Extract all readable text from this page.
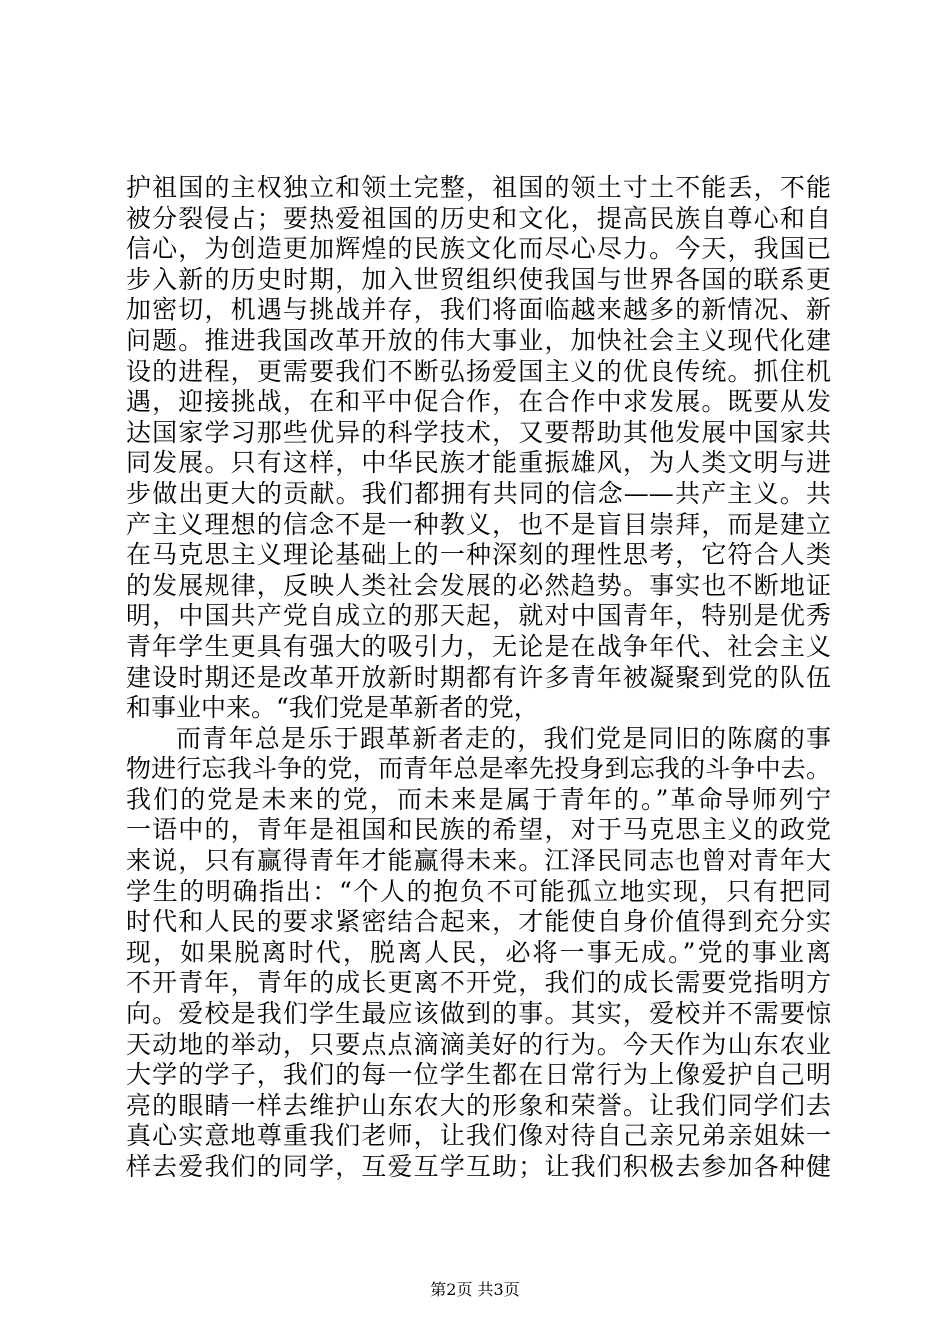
护祖国的主权独立和领土完整，祖国的领土寸土不能丢，不能
被分裂侵占；要热爱祖国的历史和文化，提高民族自尊心和自
信心，为创造更加辉煌的民族文化而尽心尽力。今天，我国已
步入新的历史时期，加入世贸组织使我国与世界各国的联系更
加密切，机遇与挑战并存，我们将面临越来越多的新情况、新
问题。推进我国改革开放的伟大事业，加快社会主义现代化建
设的进程，更需要我们不断弘扬爱国主义的优良传统。抓住机
遇，迎接挑战，在和平中促合作，在合作中求发展。既要从发
达国家学习那些优异的科学技术，又要帮助其他发展中国家共
同发展。只有这样，中华民族才能重振雄风，为人类文明与进
步做出更大的贡献。我们都拥有共同的信念——共产主义。共
产主义理想的信念不是一种教义，也不是盲目崇拜，而是建立
在马克思主义理论基础上的一种深刻的理性思考，它符合人类
的发展规律，反映人类社会发展的必然趋势。事实也不断地证
明，中国共产党自成立的那天起，就对中国青年，特别是优秀
青年学生更具有强大的吸引力，无论是在战争年代、社会主义
建设时期还是改革开放新时期都有许多青年被凝聚到党的队伍
和事业中来。“我们党是革新者的党，
而青年总是乐于跟革新者走的，我们党是同旧的陈腐的事
物进行忘我斗争的党，而青年总是率先投身到忘我的斗争中去。
我们的党是未来的党，而未来是属于青年的。”革命导师列宁
一语中的，青年是祖国和民族的希望，对于马克思主义的政党
来说，只有赢得青年才能赢得未来。江泽民同志也曾对青年大
学生的明确指出：“个人的抱负不可能孤立地实现，只有把同
时代和人民的要求紧密结合起来，才能使自身价值得到充分实
现，如果脱离时代，脱离人民，必将一事无成。”党的事业离
不开青年，青年的成长更离不开党，我们的成长需要党指明方
向。爱校是我们学生最应该做到的事。其实，爱校并不需要惊
天动地的举动，只要点点滴滴美好的行为。今天作为山东农业
大学的学子，我们的每一位学生都在日常行为上像爱护自己明
亮的眼睛一样去维护山东农大的形象和荣誉。让我们同学们去
真心实意地尊重我们老师，让我们像对待自己亲兄弟亲姐妹一
样去爱我们的同学，互爱互学互助；让我们积极去参加各种健
第2页 共3页
